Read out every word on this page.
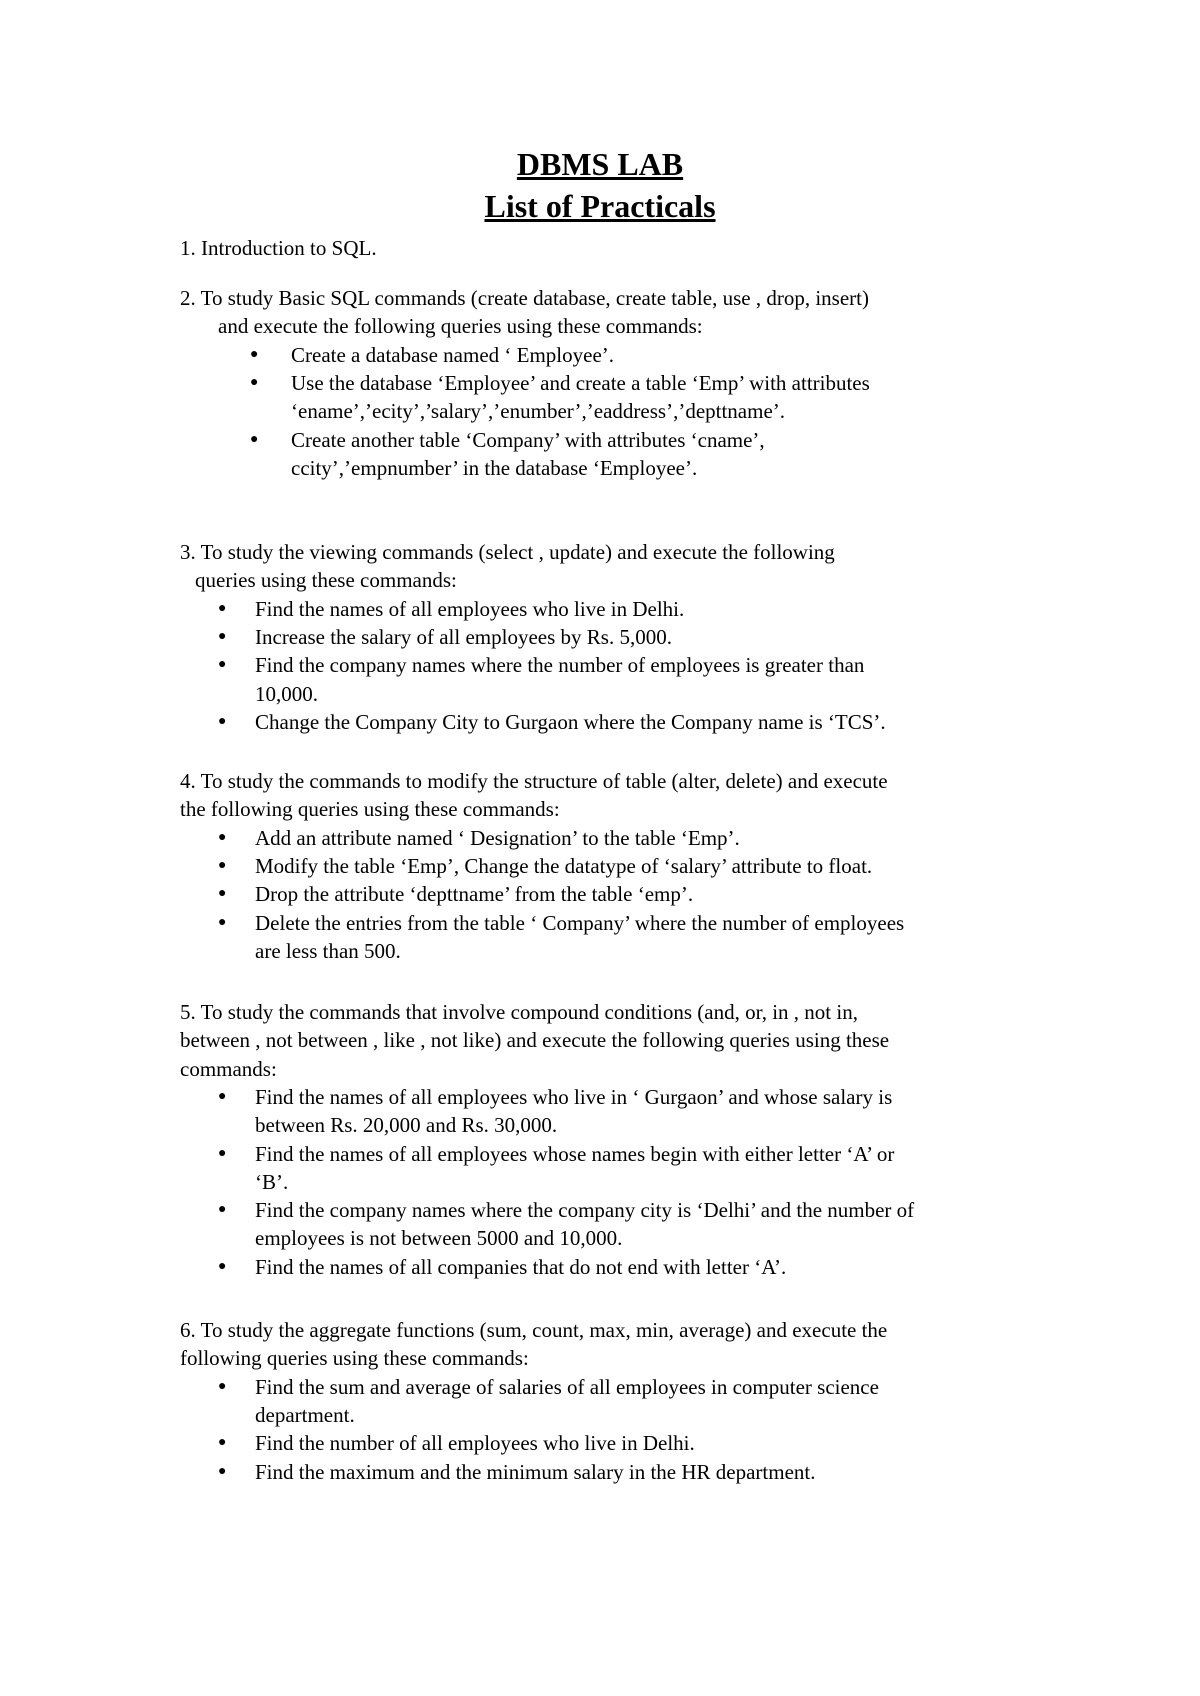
DBMS LAB
List of Practicals
1. Introduction to SQL.
2. To study Basic SQL commands (create database, create table, use , drop, insert)
and execute the following queries using these commands:
● Create a database named ‘ Employee’.
● Use the database ‘Employee’ and create a table ‘Emp’ with attributes
‘ename’,’ecity’,’salary’,’enumber’,’eaddress’,’depttname’.
● Create another table ‘Company’ with attributes ‘cname’,
ccity’,’empnumber’ in the database ‘Employee’.
3. To study the viewing commands (select , update) and execute the following
queries using these commands:
● Find the names of all employees who live in Delhi.
● Increase the salary of all employees by Rs. 5,000.
● Find the company names where the number of employees is greater than
10,000.
● Change the Company City to Gurgaon where the Company name is ‘TCS’.
4. To study the commands to modify the structure of table (alter, delete) and execute
the following queries using these commands:
● Add an attribute named ‘ Designation’ to the table ‘Emp’.
● Modify the table ‘Emp’, Change the datatype of ‘salary’ attribute to float.
● Drop the attribute ‘depttname’ from the table ‘emp’.
● Delete the entries from the table ‘ Company’ where the number of employees
are less than 500.
5. To study the commands that involve compound conditions (and, or, in , not in,
between , not between , like , not like) and execute the following queries using these
commands:
● Find the names of all employees who live in ‘ Gurgaon’ and whose salary is
between Rs. 20,000 and Rs. 30,000.
● Find the names of all employees whose names begin with either letter ‘A’ or
‘B’.
● Find the company names where the company city is ‘Delhi’ and the number of
employees is not between 5000 and 10,000.
● Find the names of all companies that do not end with letter ‘A’.
6. To study the aggregate functions (sum, count, max, min, average) and execute the
following queries using these commands:
● Find the sum and average of salaries of all employees in computer science
department.
● Find the number of all employees who live in Delhi.
● Find the maximum and the minimum salary in the HR department.
